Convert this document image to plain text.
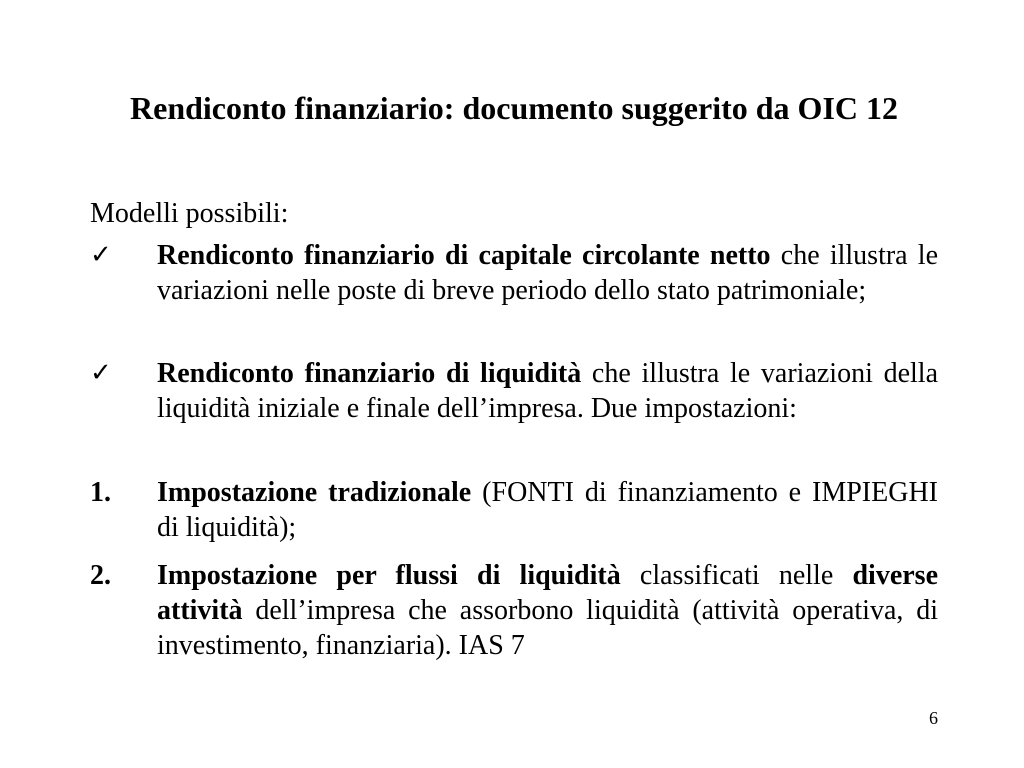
Rendiconto finanziario: documento suggerito da OIC 12
Modelli possibili:
✓	Rendiconto finanziario di capitale circolante netto che illustra le variazioni nelle poste di breve periodo dello stato patrimoniale;
✓	Rendiconto finanziario di liquidità che illustra le variazioni della liquidità iniziale e finale dell’impresa. Due impostazioni:
1.	Impostazione tradizionale (FONTI di finanziamento e IMPIEGHI di liquidità);
2.	Impostazione per flussi di liquidità classificati nelle diverse attività dell’impresa che assorbono liquidità (attività operativa, di investimento, finanziaria). IAS 7
6
